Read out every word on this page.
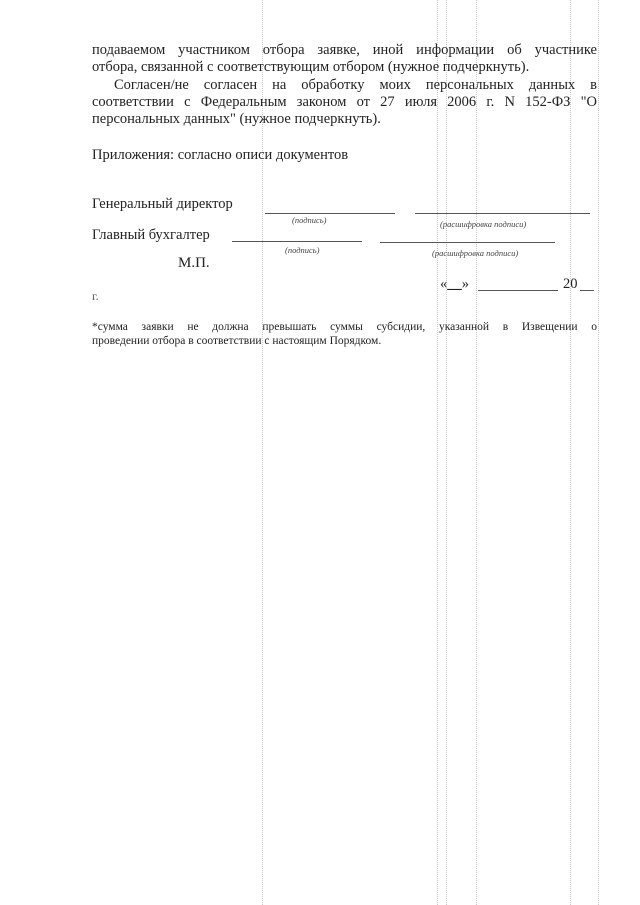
подаваемом участником отбора заявке, иной информации об участнике
отбора, связанной с соответствующим отбором (нужное подчеркнуть).
Согласен/не согласен на обработку моих персональных данных в
соответствии с Федеральным законом от 27 июля 2006 г. N 152-ФЗ "О
персональных данных" (нужное подчеркнуть).
Приложения: согласно описи документов
Генеральный директор
(подпись)	(расшифровка подписи)
Главный бухгалтер
(подпись)	(расшифровка подписи)
М.П.
«__»	20
г.
*сумма заявки не должна превышать суммы субсидии, указанной в Извещении о
проведении отбора в соответствии с настоящим Порядком.
